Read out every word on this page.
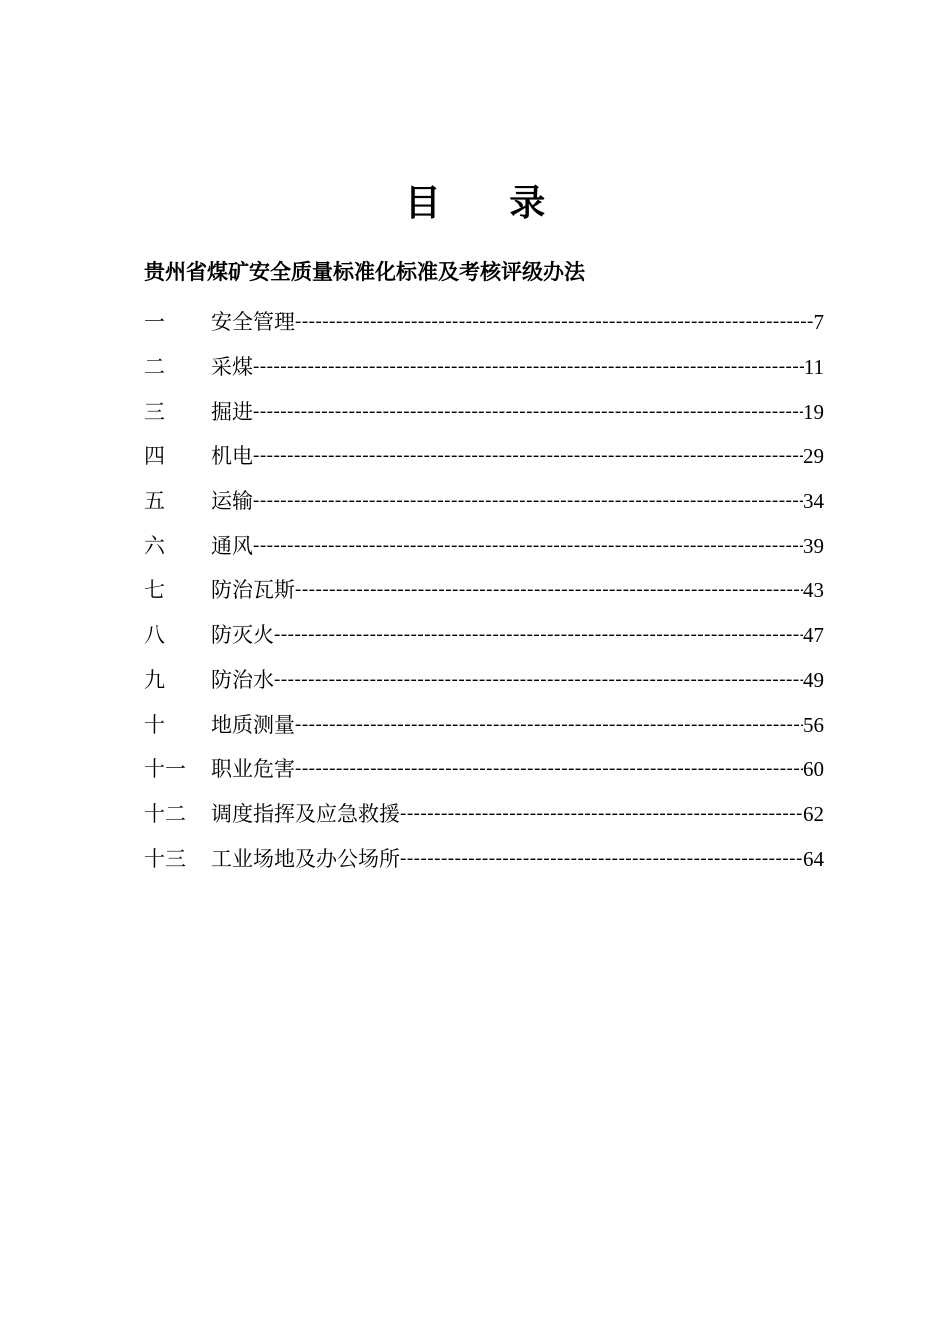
目 录
贵州省煤矿安全质量标准化标准及考核评级办法
一	安全管理 -----	7
二	采煤 -----	11
三	掘进 -----	19
四	机电 -----	29
五	运输 -----	34
六	通风 -----	39
七	防治瓦斯 -----	43
八	防灭火 -----	47
九	防治水 -----	49
十	地质测量 -----	56
十一	职业危害 -----	60
十二	调度指挥及应急救援 -----	62
十三	工业场地及办公场所 -----	64
